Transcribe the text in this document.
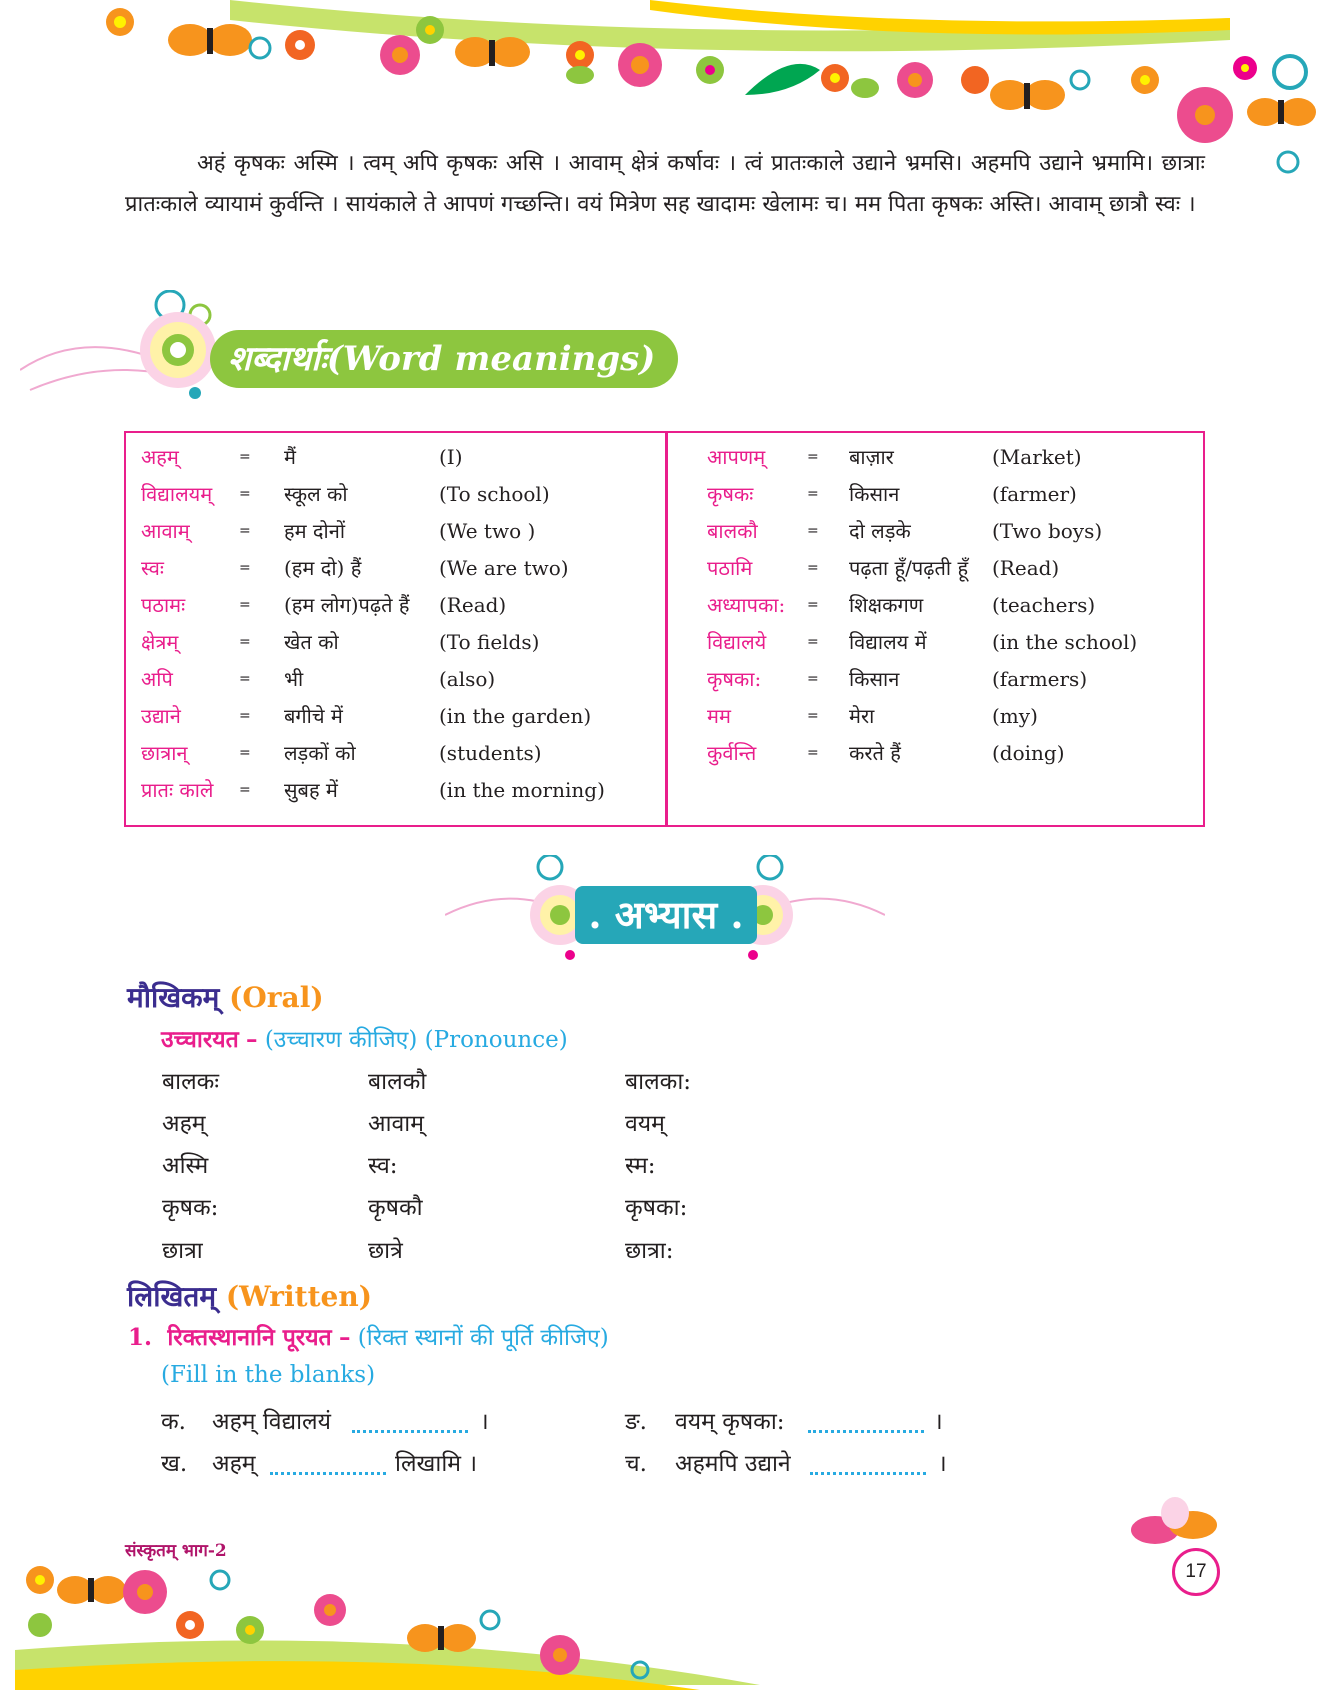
अहं कृषकः अस्मि । त्वम् अपि कृषकः असि । आवाम् क्षेत्रं कर्षावः । त्वं प्रातःकाले उद्याने भ्रमसि। अहमपि उद्याने भ्रमामि। छात्राः प्रातःकाले व्यायामं कुर्वन्ति । सायंकाले ते आपणं गच्छन्ति। वयं मित्रेण सह खादामः खेलामः च। मम पिता कृषकः अस्ति। आवाम् छात्रौ स्वः ।

शब्दार्थाः(Word meanings)
अहम्	= मैं	(I)
विद्यालयम् = स्कूल को	(To school)
आवाम्	= हम दोनों	(We two )
स्वः	= (हम दो) हैं	(We are two)
पठामः	= (हम लोग)पढ़ते हैं (Read)
क्षेत्रम्	= खेत को	(To fields)
अपि	= भी	(also)
उद्याने	= बगीचे में	(in the garden)
छात्रान्	= लड़कों को	(students)
प्रातः काले = सुबह में	(in the morning)
आपणम्	= बाज़ार	(Market)
कृषकः	= किसान	(farmer)
बालकौ	= दो लड़के	(Two boys)
पठामि	= पढ़ता हूँ/पढ़ती हूँ (Read)
अध्यापका: = शिक्षकगण	(teachers)
विद्यालये	= विद्यालय में	(in the school)
कृषका:	= किसान	(farmers)
मम	= मेरा	(my)
कुर्वन्ति	= करते हैं	(doing)
. अभ्यास .
मौखिकम् (Oral)
उच्चारयत – (उच्चारण कीजिए) (Pronounce)
बालकः	बालकौ	बालका:
अहम्	आवाम्	वयम्
अस्मि	स्व:	स्म:
कृषक:	कृषकौ	कृषका:
छात्रा	छात्रे	छात्रा:
लिखितम् (Written)
1. रिक्तस्थानानि पूरयत – (रिक्त स्थानों की पूर्ति कीजिए)
(Fill in the blanks)
क. अहम् विद्यालयं	।	ङ. वयम् कृषका:	।
ख. अहम्	लिखामि ।	च. अहमपि उद्याने	।
संस्कृतम् भाग-2
17
